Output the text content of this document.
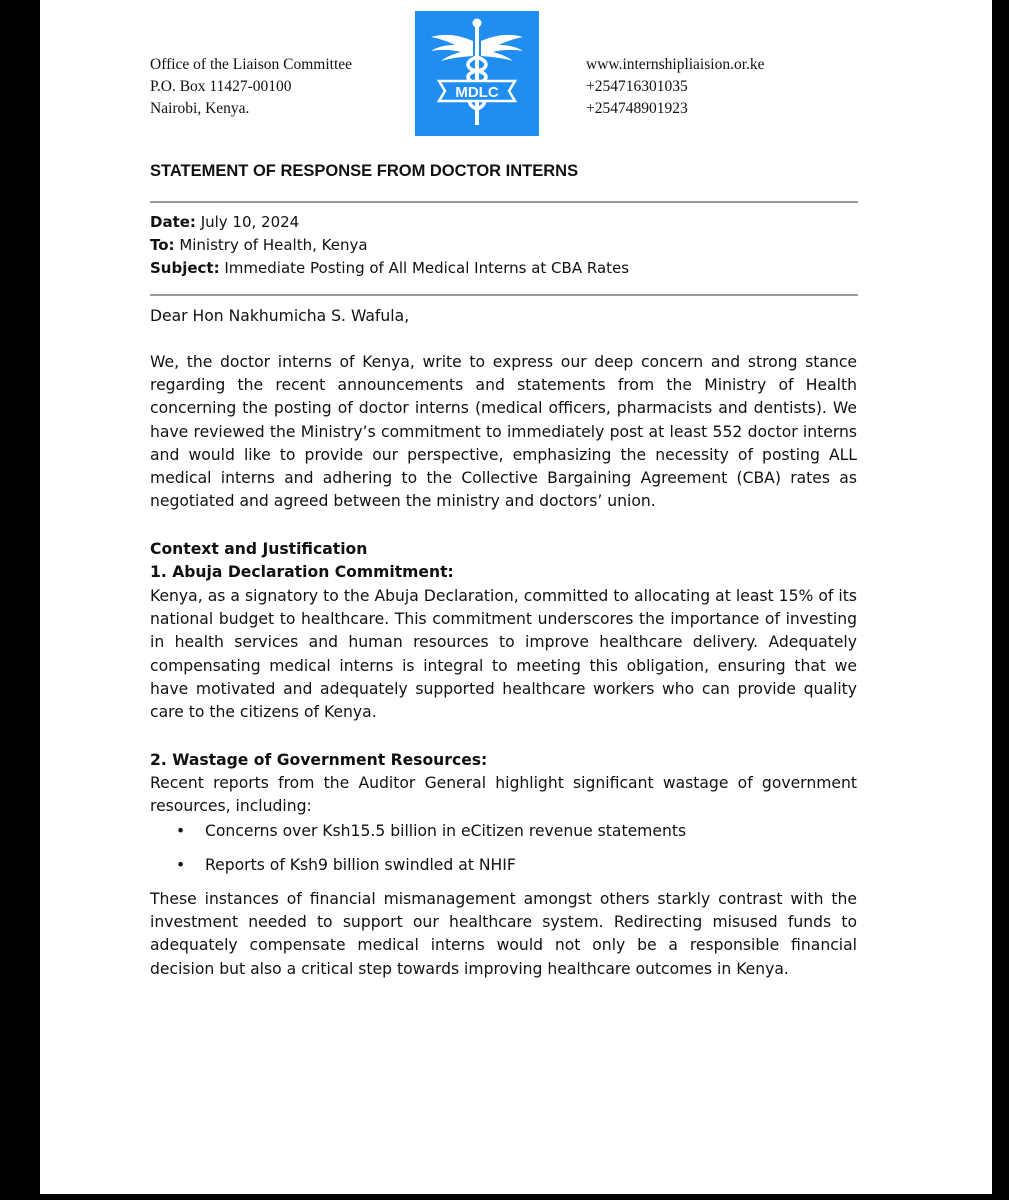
Office of the Liaison Committee
P.O. Box 11427-00100
Nairobi, Kenya.
MDLC
www.internshipliaision.or.ke
+254716301035
+254748901923
STATEMENT OF RESPONSE FROM DOCTOR INTERNS
Date: July 10, 2024
To: Ministry of Health, Kenya
Subject: Immediate Posting of All Medical Interns at CBA Rates
Dear Hon Nakhumicha S. Wafula,
We, the doctor interns of Kenya, write to express our deep concern and strong stance regarding the recent announcements and statements from the Ministry of Health concerning the posting of doctor interns (medical officers, pharmacists and dentists). We have reviewed the Ministry’s commitment to immediately post at least 552 doctor interns and would like to provide our perspective, emphasizing the necessity of posting ALL medical interns and adhering to the Collective Bargaining Agreement (CBA) rates as negotiated and agreed between the ministry and doctors’ union.
Context and Justification
1. Abuja Declaration Commitment:
Kenya, as a signatory to the Abuja Declaration, committed to allocating at least 15% of its national budget to healthcare. This commitment underscores the importance of investing in health services and human resources to improve healthcare delivery. Adequately compensating medical interns is integral to meeting this obligation, ensuring that we have motivated and adequately supported healthcare workers who can provide quality care to the citizens of Kenya.
2. Wastage of Government Resources:
Recent reports from the Auditor General highlight significant wastage of government resources, including:
• Concerns over Ksh15.5 billion in eCitizen revenue statements
• Reports of Ksh9 billion swindled at NHIF
These instances of financial mismanagement amongst others starkly contrast with the investment needed to support our healthcare system. Redirecting misused funds to adequately compensate medical interns would not only be a responsible financial decision but also a critical step towards improving healthcare outcomes in Kenya.
